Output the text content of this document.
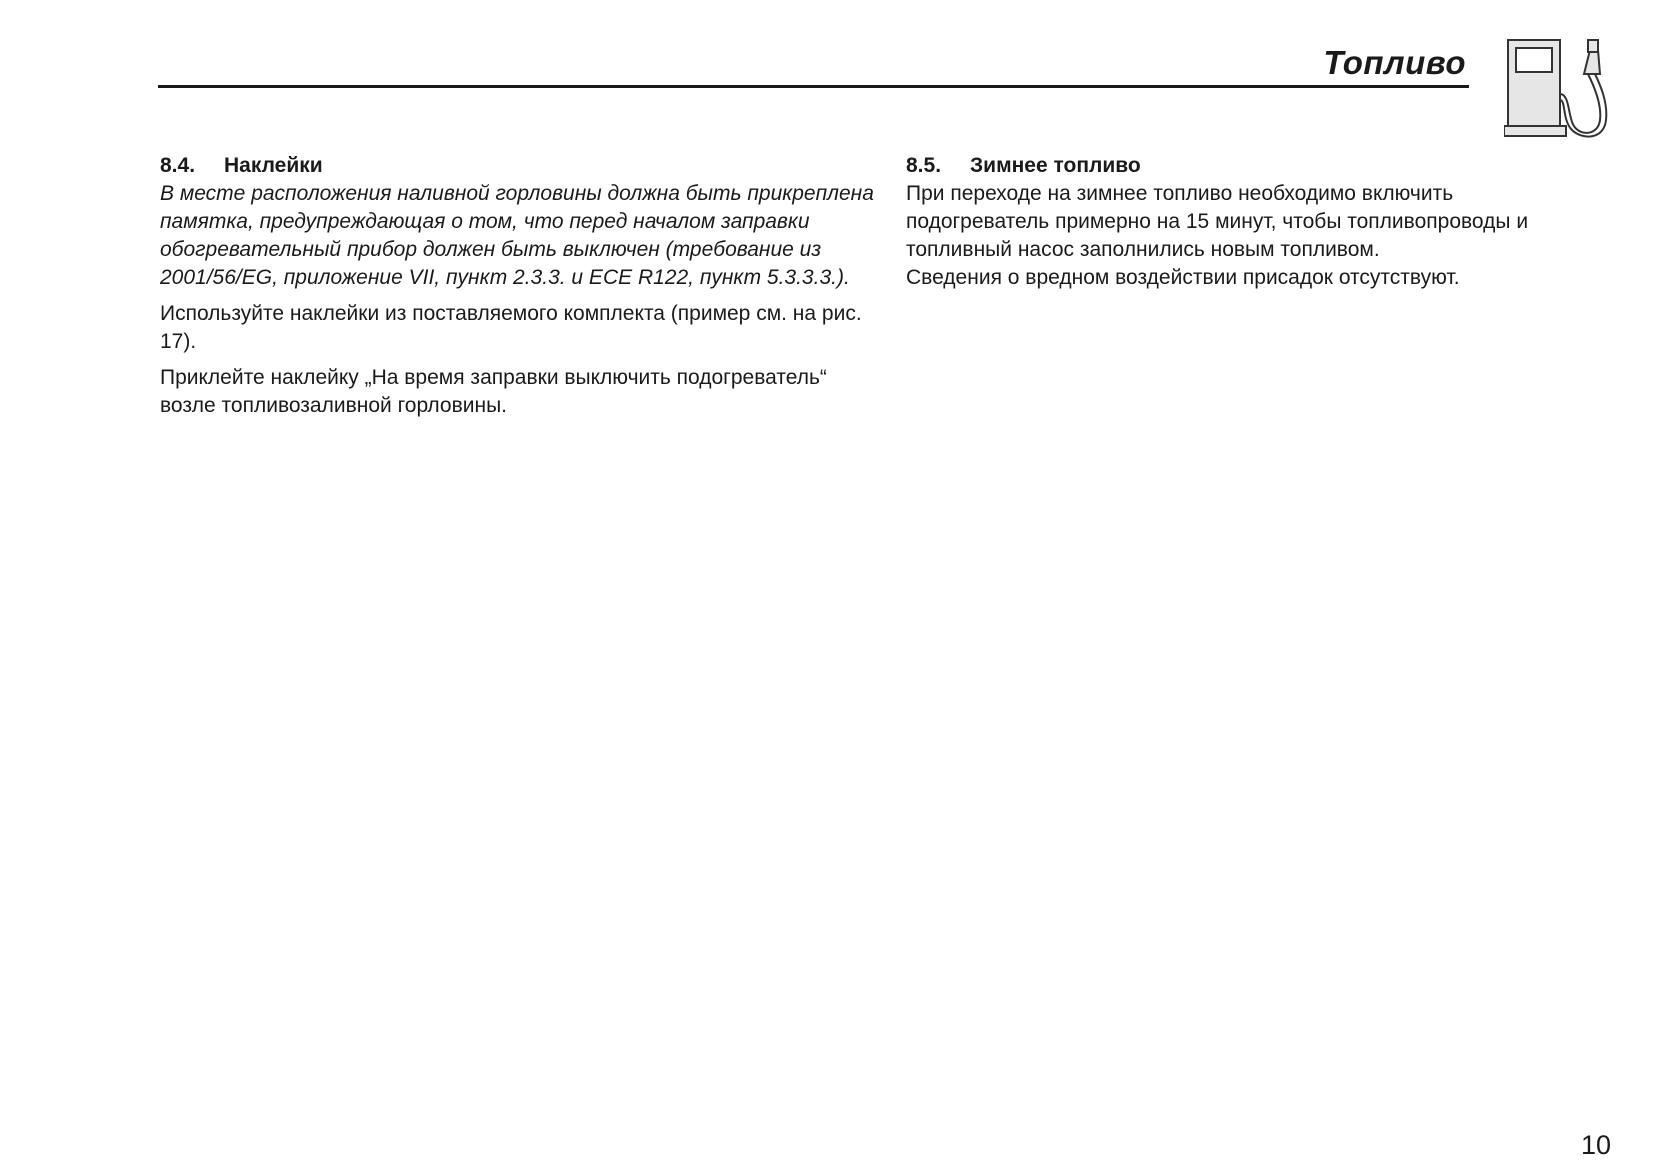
Топливо

8.4.	Наклейки

В месте расположения наливной горловины должна быть прикреплена памятка, предупреждающая о том, что перед началом заправки обогревательный прибор должен быть выключен (требование из 2001/56/EG, приложение VII, пункт 2.3.3. и ECE R122, пункт 5.3.3.3.).

Используйте наклейки из поставляемого комплекта (пример см. на рис. 17).

Приклейте наклейку „На время заправки выключить подогреватель“ возле топливозаливной горловины.

8.5.	Зимнее топливо

При переходе на зимнее топливо необходимо включить подогреватель примерно на 15 минут, чтобы топливопроводы и топливный насос заполнились новым топливом.

Сведения о вредном воздействии присадок отсутствуют.

10
